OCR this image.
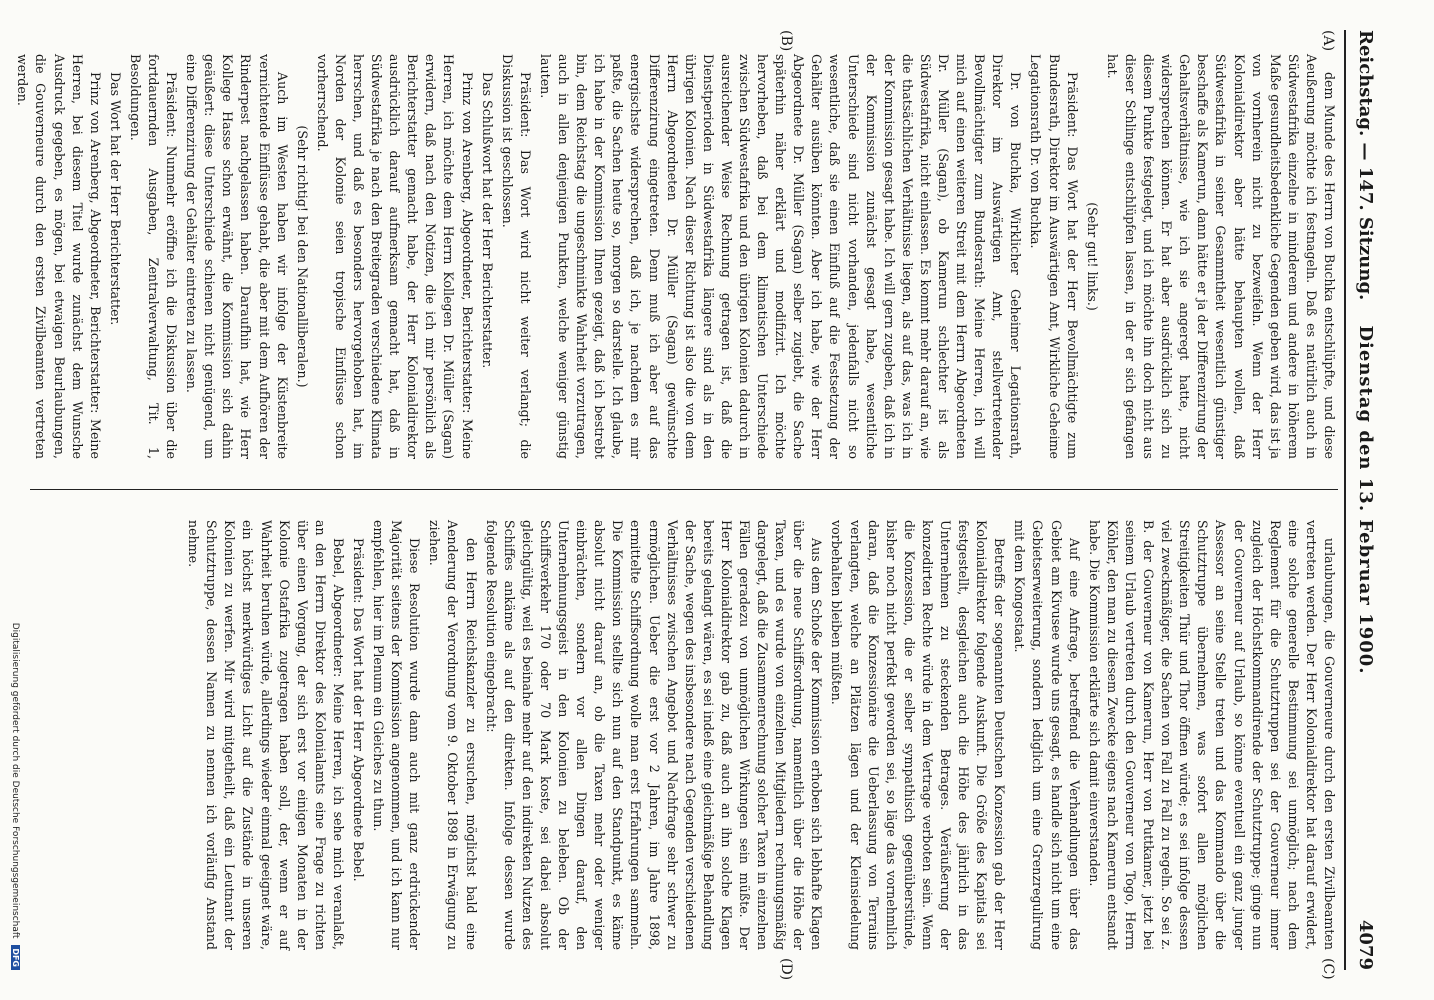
Reichstag. — 147. Sitzung.
Dienstag den 13. Februar 1900.
4079
(A)
(B)
(C)
(D)

dem Munde des Herrn von Buchka entschlüpfte, und diese Aeußerung möchte ich festnageln. Daß es natürlich auch in Südwestafrika einzelne in minderem und andere in höherem Maße gesundheitsbedenkliche Gegenden geben wird, das ist ja von vornherein nicht zu bezweifeln. Wenn der Herr Kolonialdirektor aber hätte behaupten wollen, daß Südwestafrika in seiner Gesammtheit wesentlich günstiger beschaffe als Kamerun, dann hätte er ja der Differenzirung der Gehaltsverhältnisse, wie ich sie angeregt hatte, nicht widersprechen können. Er hat aber ausdrücklich sich zu diesem Punkte festgelegt, und ich möchte ihn doch nicht aus dieser Schlinge entschlüpfen lassen, in der er sich gefangen hat.

(Sehr gut! links.)

Präsident: Das Wort hat der Herr Bevollmächtigte zum Bundesrath, Direktor im Auswärtigen Amt, Wirkliche Geheime Legationsrath Dr. von Buchka.

Dr. von Buchka, Wirklicher Geheimer Legationsrath, Direktor im Auswärtigen Amt, stellvertretender Bevollmächtigter zum Bundesrath: Meine Herren, ich will mich auf einen weiteren Streit mit dem Herrn Abgeordneten Dr. Müller (Sagan), ob Kamerun schlechter ist als Südwestafrika, nicht einlassen. Es kommt mehr darauf an, wie die thatsächlichen Verhältnisse liegen, als auf das, was ich in der Kommission gesagt habe. Ich will gern zugeben, daß ich in der Kommission zunächst gesagt habe, wesentliche Unterschiede sind nicht vorhanden, jedenfalls nicht so wesentliche, daß sie einen Einfluß auf die Festsetzung der Gehälter ausüben könnten. Aber ich habe, wie der Herr Abgeordnete Dr. Müller (Sagan) selber zugiebt, die Sache späterhin näher erklärt und modifizirt. Ich möchte hervorheben, daß bei dem klimatischen Unterschiede zwischen Südwestafrika und den übrigen Kolonien dadurch in ausreichender Weise Rechnung getragen ist, daß die Dienstperioden in Südwestafrika längere sind als in den übrigen Kolonien. Nach dieser Richtung ist also die von dem Herrn Abgeordneten Dr. Müller (Sagan) gewünschte Differenzirung eingetreten. Denn muß ich aber auf das energischste widersprechen, daß ich, je nachdem es mir paßte, die Sachen heute so, morgen so darstelle. Ich glaube, ich habe in der Kommission Ihnen gezeigt, daß ich bestrebt bin, dem Reichstag die ungeschminkte Wahrheit vorzutragen, auch in allen denjenigen Punkten, welche weniger günstig lauten.

Präsident: Das Wort wird nicht weiter verlangt; die Diskussion ist geschlossen.

Das Schlußwort hat der Herr Berichterstatter.

Prinz von Arenberg, Abgeordneter, Berichterstatter: Meine Herren, ich möchte dem Herrn Kollegen Dr. Müller (Sagan) erwidern, daß nach den Notizen, die ich mir persönlich als Berichterstatter gemacht habe, der Herr Kolonialdirektor ausdrücklich darauf aufmerksam gemacht hat, daß in Südwestafrika je nach den Breitegraden verschiedene Klimata herrschen, und daß es besonders hervorgehoben hat, im Norden der Kolonie seien tropische Einflüsse schon vorherrschend.

(Sehr richtig! bei den Nationalliberalen.)

Auch im Westen haben wir infolge der Küstenbreite vernichtende Einflüsse gehabt, die aber mit dem Aufhören der Rinderpest nachgelassen haben. Daraufhin hat, wie Herr Kollege Hasse schon erwähnt, die Kommission sich dahin geäußert: diese Unterschiede schienen nicht genügend, um eine Differenzirung der Gehälter eintreten zu lassen.

Präsident: Nunmehr eröffne ich die Diskussion über die fortdauernden Ausgaben, Zentralverwaltung, Tit. 1, Besoldungen.

Das Wort hat der Herr Berichterstatter.

Prinz von Arenberg, Abgeordneter, Berichterstatter: Meine Herren, bei diesem Titel wurde zunächst dem Wunsche Ausdruck gegeben, es mögen, bei etwaigen Beurlaubungen, die Gouverneure durch den ersten Zivilbeamten vertreten werden.

urlaubungen, die Gouverneure durch den ersten Zivilbeamten vertreten werden. Der Herr Kolonialdirektor hat darauf erwidert, eine solche generelle Bestimmung sei unmöglich; nach dem Reglement für die Schutztruppen sei der Gouverneur immer zugleich der Höchstkommandirende der Schutztruppe; ginge nun der Gouverneur auf Urlaub, so könne eventuell ein ganz junger Assessor an seine Stelle treten und das Kommando über die Schutztruppe übernehmen, was sofort allen möglichen Streitigkeiten Thür und Thor öffnen würde; es sei infolge dessen viel zweckmäßiger, die Sachen von Fall zu Fall zu regeln. So sei z. B. der Gouverneur von Kamerun, Herr von Puttkamer, jetzt bei seinem Urlaub vertreten durch den Gouverneur von Togo, Herrn Köhler, den man zu diesem Zwecke eigens nach Kamerun entsandt habe. Die Kommission erklärte sich damit einverstanden.

Auf eine Anfrage, betreffend die Verhandlungen über das Gebiet am Kivusee wurde uns gesagt, es handle sich nicht um eine Gebietserweiterung, sondern lediglich um eine Grenzregulirung mit dem Kongostaat.

Betreffs der sogenannten Deutschen Konzession gab der Herr Kolonialdirektor folgende Auskunft. Die Größe des Kapitals sei festgestellt, desgleichen auch die Höhe des jährlich in das Unternehmen zu steckenden Betrages. Veräußerung der konzedirten Rechte würde in dem Vertrage verboten sein. Wenn die Konzession, die er selber sympathisch gegenüberstünde, bisher noch nicht perfekt geworden sei, so läge das vornehmlich daran, daß die Konzessionäre die Ueberlassung von Terrains verlangten, welche an Plätzen lägen und der Kleinsiedelung vorbehalten bleiben müßten.

Aus dem Schoße der Kommission erhoben sich lebhafte Klagen über die neue Schiffsordnung, namentlich über die Höhe der Taxen, und es wurde von einzelnen Mitgliedern rechnungsmäßig dargelegt, daß die Zusammenrechnung solcher Taxen in einzelnen Fällen geradezu von unmöglichen Wirkungen sein müßte. Der Herr Kolonialdirektor gab zu, daß auch an ihn solche Klagen bereits gelangt wären, es sei indeß eine gleichmäßige Behandlung der Sache, wegen des insbesondere nach Gegenden verschiedenen Verhältnisses zwischen Angebot und Nachfrage sehr schwer zu ermöglichen. Ueber die erst vor 2 Jahren, im Jahre 1898, ermittelte Schiffsordnung wolle man erst Erfahrungen sammeln. Die Kommission stellte sich nun auf den Standpunkt, es käme absolut nicht darauf an, ob die Taxen mehr oder weniger einbrächten, sondern vor allen Dingen darauf, den Unternehmungsgeist in den Kolonien zu beleben. Ob der Schiffsverkehr 170 oder 70 Mark koste, sei dabei absolut gleichgültig, weil es beinahe mehr auf den indirekten Nutzen des Schiffes ankäme als auf den direkten. Infolge dessen wurde folgende Resolution eingebracht:

den Herrn Reichskanzler zu ersuchen, möglichst bald eine Aenderung der Verordnung vom 9. Oktober 1898 in Erwägung zu ziehen.

Diese Resolution wurde dann auch mit ganz erdrückender Majorität seitens der Kommission angenommen, und ich kann nur empfehlen, hier im Plenum ein Gleiches zu thun.

Präsident: Das Wort hat der Herr Abgeordnete Bebel.

Bebel, Abgeordneter: Meine Herren, ich sehe mich veranlaßt, an den Herrn Direktor des Kolonialamts eine Frage zu richten über einen Vorgang, der sich erst vor einigen Monaten in der Kolonie Ostafrika zugetragen haben soll, der, wenn er auf Wahrheit beruhen würde, allerdings wieder einmal geeignet wäre, ein höchst merkwürdiges Licht auf die Zustände in unseren Kolonien zu werfen. Mir wird mitgetheilt, daß ein Leutnant der Schutztruppe, dessen Namen zu nennen ich vorläufig Anstand nehme.

Digitalisierung gefördert durch die Deutsche Forschungsgemeinschaft DFG
